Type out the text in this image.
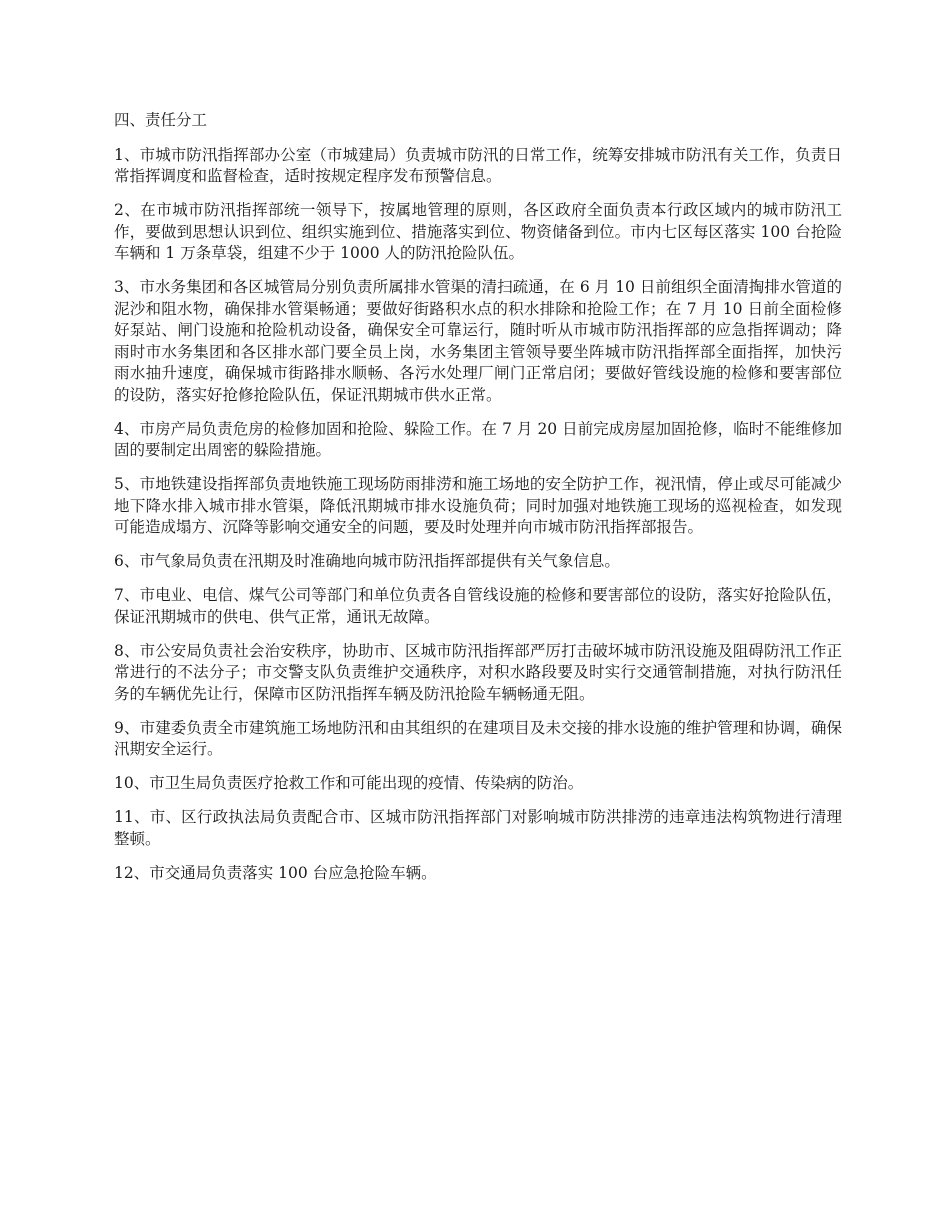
四、责任分工

1、市城市防汛指挥部办公室（市城建局）负责城市防汛的日常工作，统筹安排城市防汛有关工作，负责日常指挥调度和监督检查，适时按规定程序发布预警信息。

2、在市城市防汛指挥部统一领导下，按属地管理的原则，各区政府全面负责本行政区域内的城市防汛工作，要做到思想认识到位、组织实施到位、措施落实到位、物资储备到位。市内七区每区落实 100 台抢险车辆和 1 万条草袋，组建不少于 1000 人的防汛抢险队伍。

3、市水务集团和各区城管局分别负责所属排水管渠的清扫疏通，在 6 月 10 日前组织全面清掏排水管道的泥沙和阻水物，确保排水管渠畅通；要做好街路积水点的积水排除和抢险工作；在 7 月 10 日前全面检修好泵站、闸门设施和抢险机动设备，确保安全可靠运行，随时听从市城市防汛指挥部的应急指挥调动；降雨时市水务集团和各区排水部门要全员上岗，水务集团主管领导要坐阵城市防汛指挥部全面指挥，加快污雨水抽升速度，确保城市街路排水顺畅、各污水处理厂闸门正常启闭；要做好管线设施的检修和要害部位的设防，落实好抢修抢险队伍，保证汛期城市供水正常。

4、市房产局负责危房的检修加固和抢险、躲险工作。在 7 月 20 日前完成房屋加固抢修，临时不能维修加固的要制定出周密的躲险措施。

5、市地铁建设指挥部负责地铁施工现场防雨排涝和施工场地的安全防护工作，视汛情，停止或尽可能减少地下降水排入城市排水管渠，降低汛期城市排水设施负荷；同时加强对地铁施工现场的巡视检查，如发现可能造成塌方、沉降等影响交通安全的问题，要及时处理并向市城市防汛指挥部报告。

6、市气象局负责在汛期及时准确地向城市防汛指挥部提供有关气象信息。

7、市电业、电信、煤气公司等部门和单位负责各自管线设施的检修和要害部位的设防，落实好抢险队伍，保证汛期城市的供电、供气正常，通讯无故障。

8、市公安局负责社会治安秩序，协助市、区城市防汛指挥部严厉打击破坏城市防汛设施及阻碍防汛工作正常进行的不法分子；市交警支队负责维护交通秩序，对积水路段要及时实行交通管制措施，对执行防汛任务的车辆优先让行，保障市区防汛指挥车辆及防汛抢险车辆畅通无阻。

9、市建委负责全市建筑施工场地防汛和由其组织的在建项目及未交接的排水设施的维护管理和协调，确保汛期安全运行。

10、市卫生局负责医疗抢救工作和可能出现的疫情、传染病的防治。

11、市、区行政执法局负责配合市、区城市防汛指挥部门对影响城市防洪排涝的违章违法构筑物进行清理整顿。

12、市交通局负责落实 100 台应急抢险车辆。
